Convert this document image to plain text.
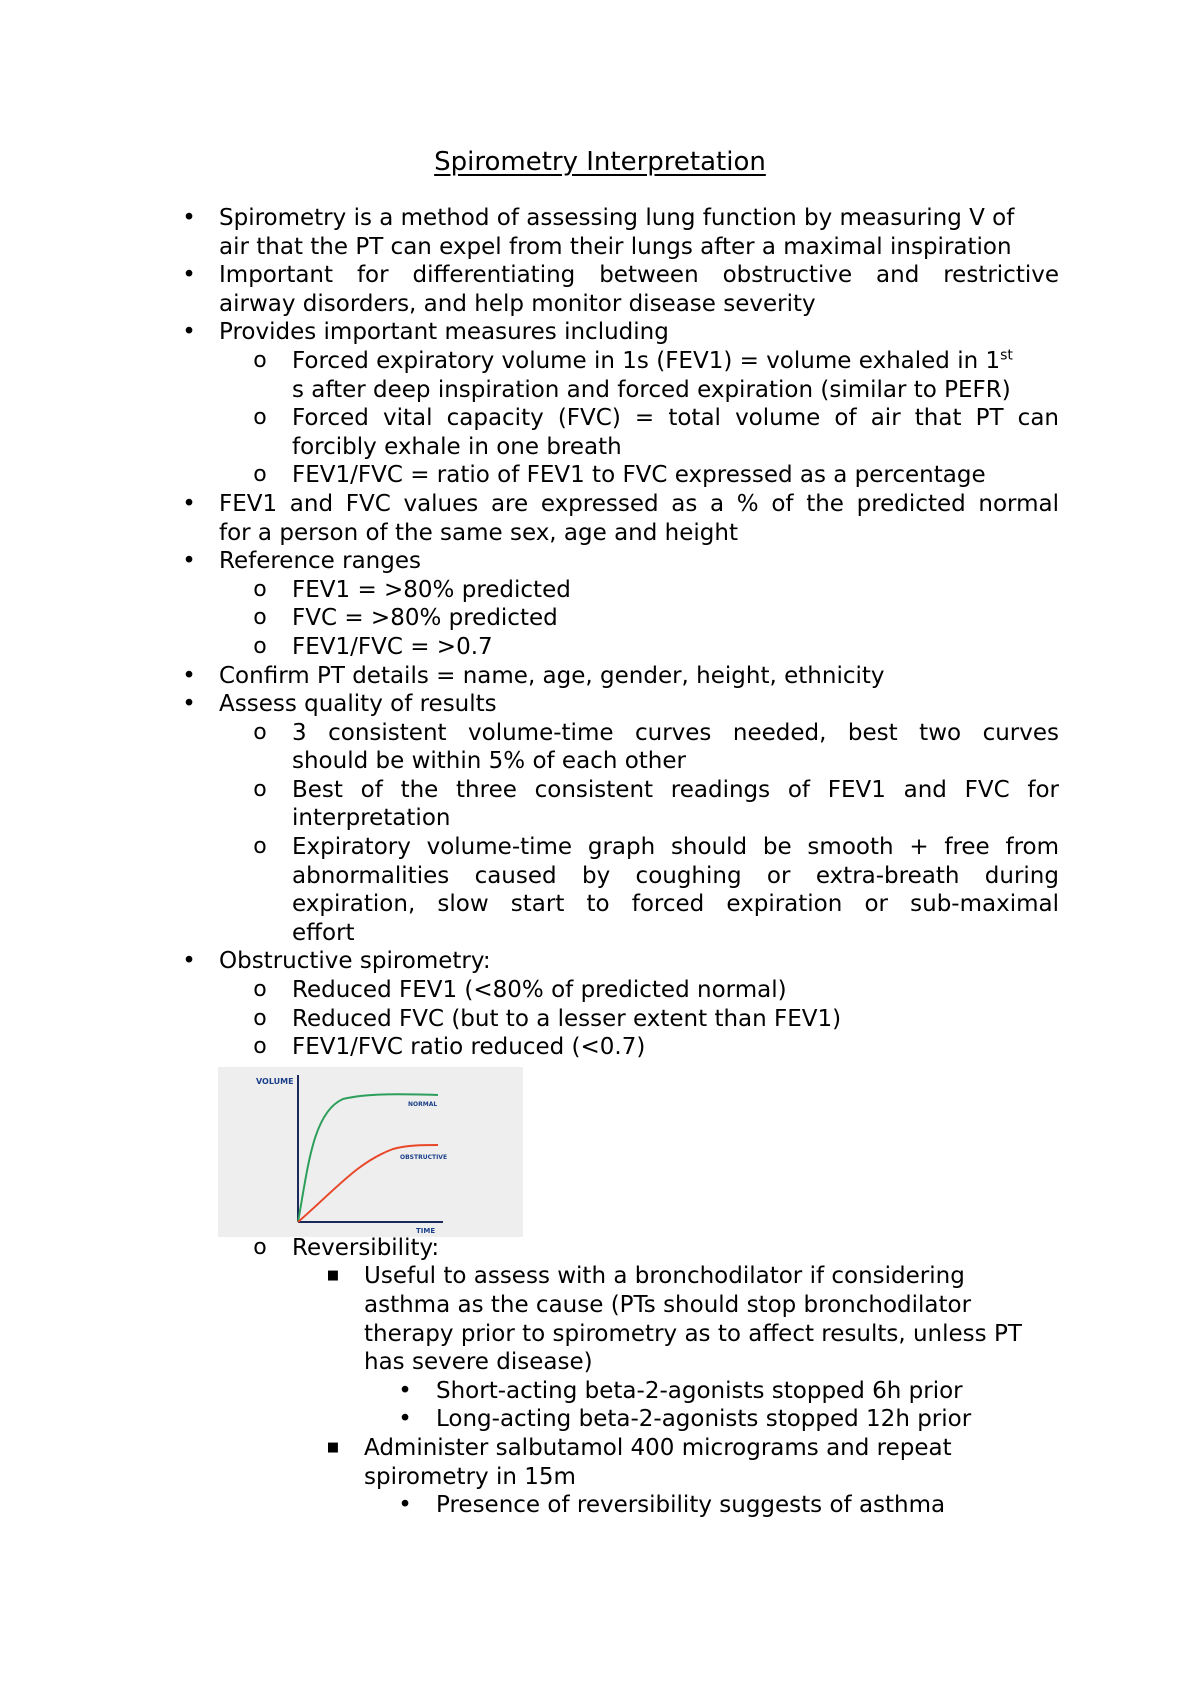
Spirometry Interpretation
• Spirometry is a method of assessing lung function by measuring V of
air that the PT can expel from their lungs after a maximal inspiration
• Important for differentiating between obstructive and restrictive
airway disorders, and help monitor disease severity
• Provides important measures including
o Forced expiratory volume in 1s (FEV1) = volume exhaled in 1st
s after deep inspiration and forced expiration (similar to PEFR)
o Forced vital capacity (FVC) = total volume of air that PT can
forcibly exhale in one breath
o FEV1/FVC = ratio of FEV1 to FVC expressed as a percentage
• FEV1 and FVC values are expressed as a % of the predicted normal
for a person of the same sex, age and height
• Reference ranges
o FEV1 = >80% predicted
o FVC = >80% predicted
o FEV1/FVC = >0.7
• Confirm PT details = name, age, gender, height, ethnicity
• Assess quality of results
o 3 consistent volume-time curves needed, best two curves
should be within 5% of each other
o Best of the three consistent readings of FEV1 and FVC for
interpretation
o Expiratory volume-time graph should be smooth + free from
abnormalities caused by coughing or extra-breath during
expiration, slow start to forced expiration or sub-maximal
effort
• Obstructive spirometry:
o Reduced FEV1 (<80% of predicted normal)
o Reduced FVC (but to a lesser extent than FEV1)
o FEV1/FVC ratio reduced (<0.7)
VOLUME
NORMAL
OBSTRUCTIVE
TIME
o Reversibility:
■ Useful to assess with a bronchodilator if considering
asthma as the cause (PTs should stop bronchodilator
therapy prior to spirometry as to affect results, unless PT
has severe disease)
• Short-acting beta-2-agonists stopped 6h prior
• Long-acting beta-2-agonists stopped 12h prior
■ Administer salbutamol 400 micrograms and repeat
spirometry in 15m
• Presence of reversibility suggests of asthma
